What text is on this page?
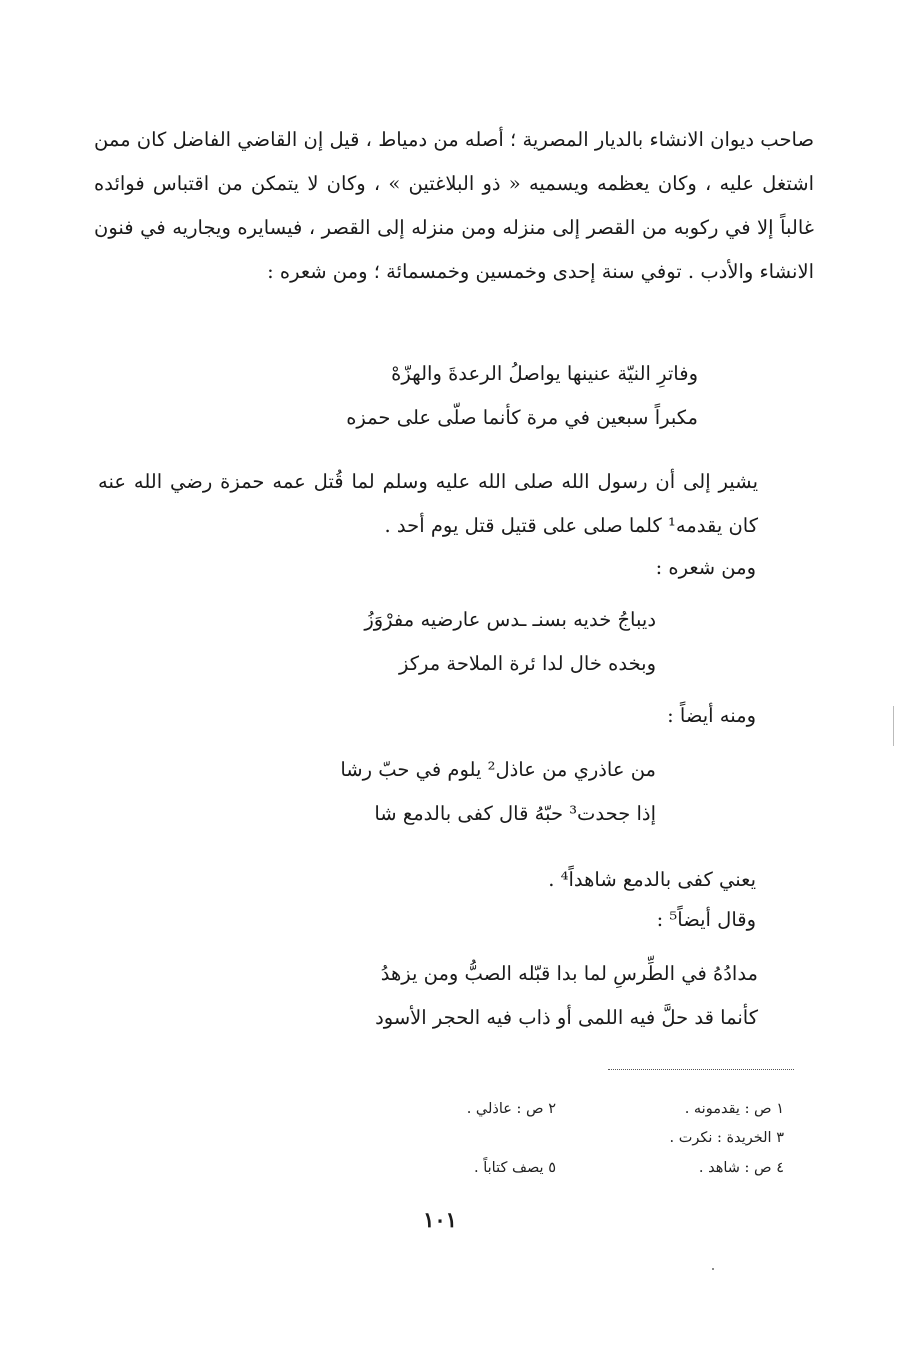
صاحب ديوان الانشاء بالديار المصرية ؛ أصله من دمياط ، قيل إن القاضي الفاضل كان ممن اشتغل عليه ، وكان يعظمه ويسميه « ذو البلاغتين » ، وكان لا يتمكن من اقتباس فوائده غالباً إلا في ركوبه من القصر إلى منزله ومن منزله إلى القصر ، فيسايره ويجاريه في فنون الانشاء والأدب . توفي سنة إحدى وخمسين وخمسمائة ؛ ومن شعره :

وفاترِ النيّة عنينها يواصلُ الرعدةَ والهزّهْ
مكبراً سبعين في مرة كأنما صلّى على حمزه

يشير إلى أن رسول الله صلى الله عليه وسلم لما قُتل عمه حمزة رضي الله عنه كان يقدمه¹ كلما صلى على قتيل قتل يوم أحد .

ومن شعره :
ديباجُ خديه بسنـ ـدس عارضيه مفرْوَزُ
وبخده خال لدا ئرة الملاحة مركز
ومنه أيضاً :
من عاذري من عاذل² يلوم في حبّ رشا
إذا جحدت³ حبّهُ قال كفى بالدمع شا
يعني كفى بالدمع شاهداً⁴ .
وقال أيضاً⁵ :
مدادُهُ في الطِّرسِ لما بدا قبّله الصبُّ ومن يزهدُ
كأنما قد حلَّ فيه اللمى أو ذاب فيه الحجر الأسود
١ ص : يقدمونه .
٢ ص : عاذلي .
٣ الخريدة : نكرت .
٤ ص : شاهد .
٥ يصف كتاباً .
١٠١
